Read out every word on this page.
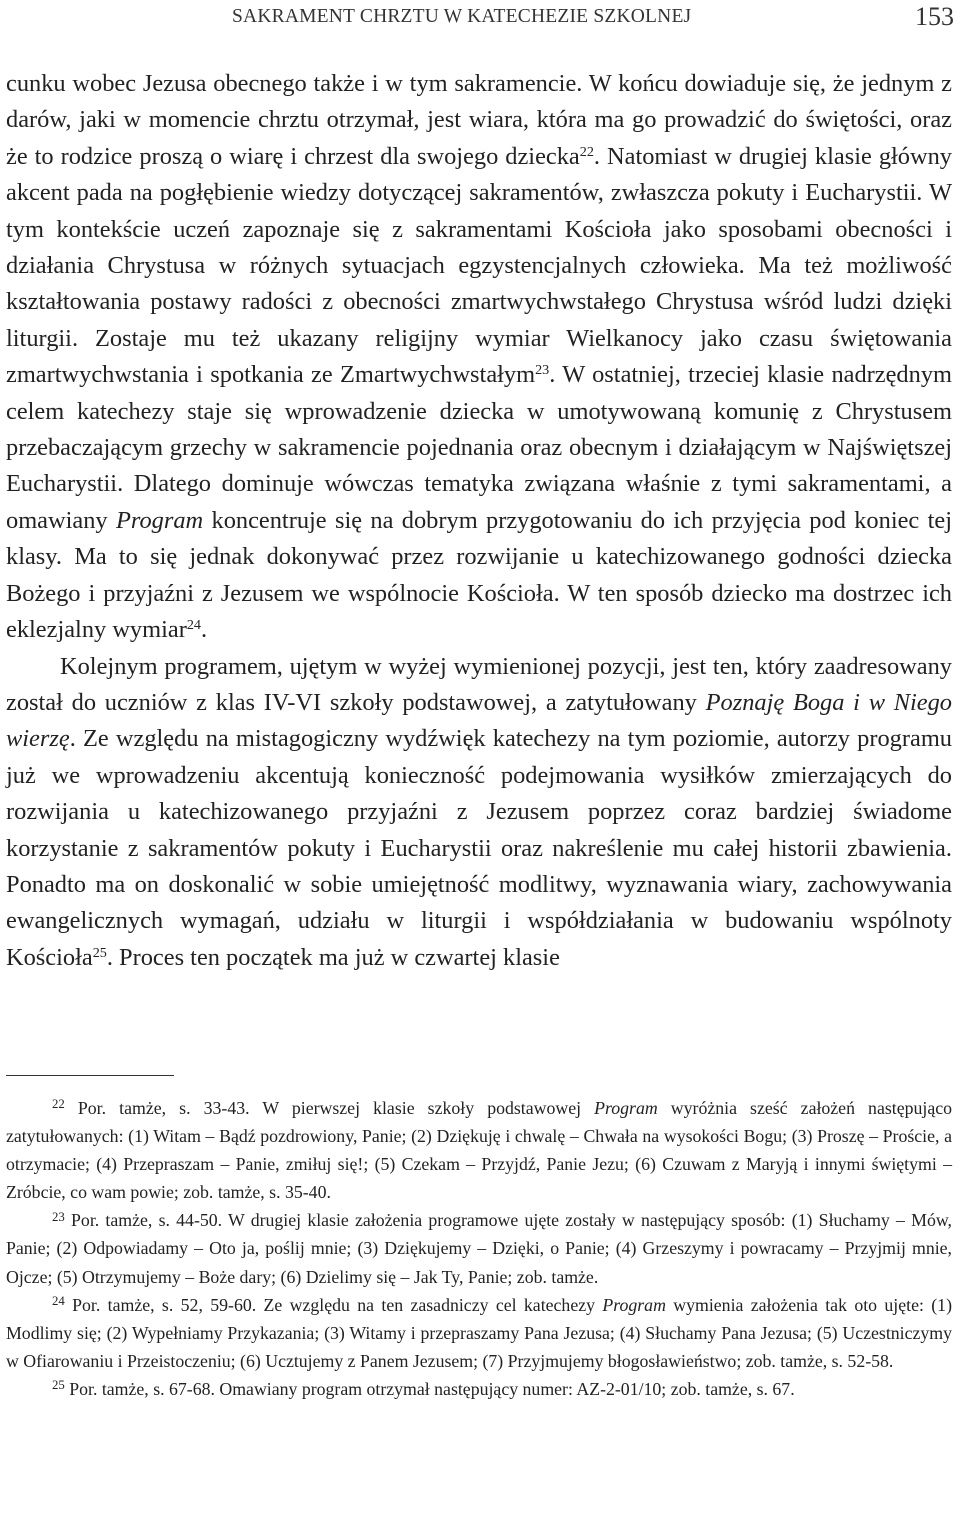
SAKRAMENT CHRZTU W KATECHEZIE SZKOLNEJ	153

cunku wobec Jezusa obecnego także i w tym sakramencie. W końcu dowiaduje się, że jednym z darów, jaki w momencie chrztu otrzymał, jest wiara, która ma go prowadzić do świętości, oraz że to rodzice proszą o wiarę i chrzest dla swojego dziecka$^{22}$. Natomiast w drugiej klasie główny akcent pada na pogłębienie wiedzy dotyczącej sakramentów, zwłaszcza pokuty i Eucharystii. W tym kontekście uczeń zapoznaje się z sakramentami Kościoła jako sposobami obecności i działania Chrystusa w różnych sytuacjach egzystencjalnych człowieka. Ma też możliwość kształtowania postawy radości z obecności zmartwychwstałego Chrystusa wśród ludzi dzięki liturgii. Zostaje mu też ukazany religijny wymiar Wielkanocy jako czasu świętowania zmartwychwstania i spotkania ze Zmartwychwstałym$^{23}$. W ostatniej, trzeciej klasie nadrzędnym celem katechezy staje się wprowadzenie dziecka w umotywowaną komunię z Chrystusem przebaczającym grzechy w sakramencie pojednania oraz obecnym i działającym w Najświętszej Eucharystii. Dlatego dominuje wówczas tematyka związana właśnie z tymi sakramentami, a omawiany Program koncentruje się na dobrym przygotowaniu do ich przyjęcia pod koniec tej klasy. Ma to się jednak dokonywać przez rozwijanie u katechizowanego godności dziecka Bożego i przyjaźni z Jezusem we wspólnocie Kościoła. W ten sposób dziecko ma dostrzec ich eklezjalny wymiar$^{24}$.

Kolejnym programem, ujętym w wyżej wymienionej pozycji, jest ten, który zaadresowany został do uczniów z klas IV-VI szkoły podstawowej, a zatytułowany Poznaję Boga i w Niego wierzę. Ze względu na mistagogiczny wydźwięk katechezy na tym poziomie, autorzy programu już we wprowadzeniu akcentują konieczność podejmowania wysiłków zmierzających do rozwijania u katechizowanego przyjaźni z Jezusem poprzez coraz bardziej świadome korzystanie z sakramentów pokuty i Eucharystii oraz nakreślenie mu całej historii zbawienia. Ponadto ma on doskonalić w sobie umiejętność modlitwy, wyznawania wiary, zachowywania ewangelicznych wymagań, udziału w liturgii i współdziałania w budowaniu wspólnoty Kościoła$^{25}$. Proces ten początek ma już w czwartej klasie

$^{22}$ Por. tamże, s. 33-43. W pierwszej klasie szkoły podstawowej Program wyróżnia sześć założeń następująco zatytułowanych: (1) Witam – Bądź pozdrowiony, Panie; (2) Dziękuję i chwalę – Chwała na wysokości Bogu; (3) Proszę – Proście, a otrzymacie; (4) Przepraszam – Panie, zmiłuj się!; (5) Czekam – Przyjdź, Panie Jezu; (6) Czuwam z Maryją i innymi świętymi – Zróbcie, co wam powie; zob. tamże, s. 35-40.

$^{23}$ Por. tamże, s. 44-50. W drugiej klasie założenia programowe ujęte zostały w następujący sposób: (1) Słuchamy – Mów, Panie; (2) Odpowiadamy – Oto ja, poślij mnie; (3) Dziękujemy – Dzięki, o Panie; (4) Grzeszymy i powracamy – Przyjmij mnie, Ojcze; (5) Otrzymujemy – Boże dary; (6) Dzielimy się – Jak Ty, Panie; zob. tamże.

$^{24}$ Por. tamże, s. 52, 59-60. Ze względu na ten zasadniczy cel katechezy Program wymienia założenia tak oto ujęte: (1) Modlimy się; (2) Wypełniamy Przykazania; (3) Witamy i przepraszamy Pana Jezusa; (4) Słuchamy Pana Jezusa; (5) Uczestniczymy w Ofiarowaniu i Przeistoczeniu; (6) Ucztujemy z Panem Jezusem; (7) Przyjmujemy błogosławieństwo; zob. tamże, s. 52-58.

$^{25}$ Por. tamże, s. 67-68. Omawiany program otrzymał następujący numer: AZ-2-01/10; zob. tamże, s. 67.
